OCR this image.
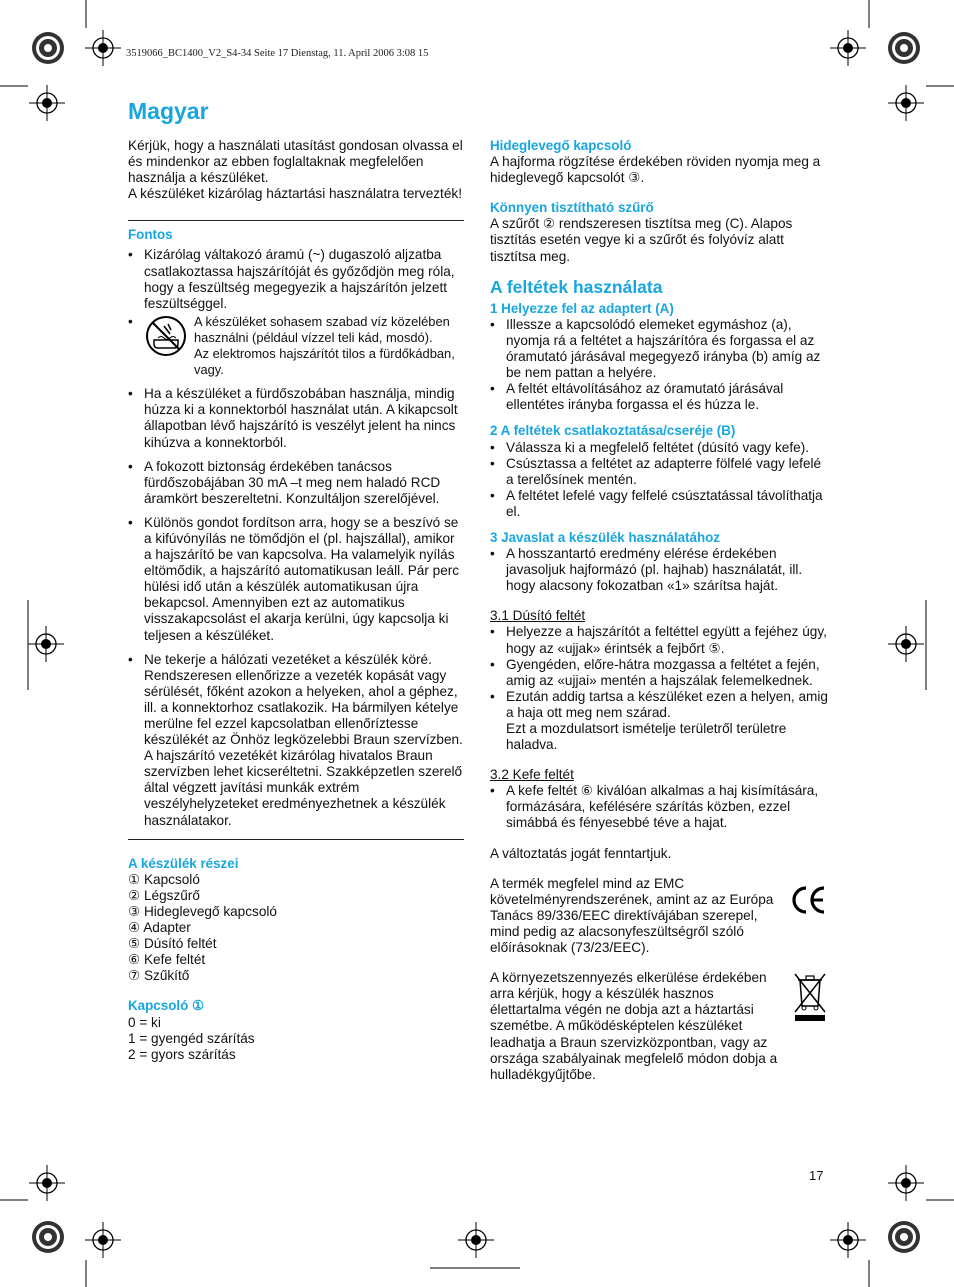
3519066_BC1400_V2_S4-34 Seite 17 Dienstag, 11. April 2006 3:08 15
Magyar

Kérjük, hogy a használati utasítást gondosan olvassa el és mindenkor az ebben foglaltaknak megfelelően használja a készüléket.

A készüléket kizárólag háztartási használatra tervezték!

Fontos

• Kizárólag váltakozó áramú (~) dugaszoló aljzatba csatlakoztassa hajszárítóját és győződjön meg róla, hogy a feszültség megegyezik a hajszárítón jelzett feszültséggel.
•	A készüléket sohasem szabad víz közelében használni (például vízzel teli kád, mosdó).

Az elektromos hajszárítót tilos a fürdőkádban, vagy.

• Ha a készüléket a fürdőszobában használja, mindig húzza ki a konnektorból használat után. A kikapcsolt állapotban lévő hajszárító is veszélyt jelent ha nincs kihúzva a konnektorból.
• A fokozott biztonság érdekében tanácsos fürdőszobájában 30 mA –t meg nem haladó RCD áramkört beszereltetni. Konzultáljon szerelőjével.
• Különös gondot fordítson arra, hogy se a beszívó se a kifúvónyílás ne tömődjön el (pl. hajszállal), amikor a hajszárító be van kapcsolva. Ha valamelyik nyílás eltömődik, a hajszárító automatikusan leáll. Pár perc hülési idő után a készülék automatikusan újra bekapcsol. Amennyiben ezt az automatikus visszakapcsolást el akarja kerülni, úgy kapcsolja ki teljesen a készüléket.
• Ne tekerje a hálózati vezetéket a készülék köré. Rendszeresen ellenőrizze a vezeték kopását vagy sérülését, főként azokon a helyeken, ahol a géphez, ill. a konnektorhoz csatlakozik. Ha bármilyen kételye merülne fel ezzel kapcsolatban ellenőríztesse készülékét az Önhöz legközelebbi Braun szervízben.
A hajszárító vezetékét kizárólag hivatalos Braun szervízben lehet kicseréltetni. Szakképzetlen szerelő által végzett javítási munkák extrém veszélyhelyzeteket eredményezhetnek a készülék használatakor.

A készülék részei

① Kapcsoló

② Légszűrő

③ Hideglevegő kapcsoló

④ Adapter

⑤ Dúsító feltét

⑥ Kefe feltét

⑦ Szűkítő

Kapcsoló ①

0 = ki

1 = gyengéd szárítás

2 = gyors szárítás

Hideglevegő kapcsoló

A hajforma rögzítése érdekében röviden nyomja meg a hideglevegő kapcsolót ③.

Könnyen tisztítható szűrő

A szűrőt ② rendszeresen tisztítsa meg (C). Alapos tisztítás esetén vegye ki a szűrőt és folyóvíz alatt tisztítsa meg.

A feltétek használata

1 Helyezze fel az adaptert (A)

• Illessze a kapcsolódó elemeket egymáshoz (a), nyomja rá a feltétet a hajszárítóra és forgassa el az óramutató járásával megegyező irányba (b) amíg az be nem pattan a helyére.
• A feltét eltávolításához az óramutató járásával ellentétes irányba forgassa el és húzza le.

2 A feltétek csatlakoztatása/cseréje (B)

• Válassza ki a megfelelő feltétet (dúsító vagy kefe).
• Csúsztassa a feltétet az adapterre fölfelé vagy lefelé a terelősínek mentén.
• A feltétet lefelé vagy felfelé csúsztatással távolíthatja el.

3 Javaslat a készülék használatához

• A hosszantartó eredmény elérése érdekében javasoljuk hajformázó (pl. hajhab) használatát, ill. hogy alacsony fokozatban «1» szárítsa haját.

3.1 Dúsító feltét

• Helyezze a hajszárítót a feltéttel együtt a fejéhez úgy, hogy az «ujjak» érintsék a fejbőrt ⑤.
• Gyengéden, előre-hátra mozgassa a feltétet a fején, amig az «ujjai» mentén a hajszálak felemelkednek.
• Ezután addig tartsa a készüléket ezen a helyen, amig a haja ott meg nem szárad.
Ezt a mozdulatsort ismételje területről területre haladva.

3.2 Kefe feltét

• A kefe feltét ⑥ kiválóan alkalmas a haj kisímítására, formázására, kefélésére szárítás közben, ezzel simábbá és fényesebbé téve a hajat.

A változtatás jogát fenntartjuk.

A termék megfelel mind az EMC követelményrendszerének, amint az az Európa Tanács 89/336/EEC direktívájában szerepel, mind pedig az alacsonyfeszültségről szóló előírásoknak (73/23/EEC).

A környezetszennyezés elkerülése érdekében arra kérjük, hogy a készülék hasznos élettartalma végén ne dobja azt a háztartási szemétbe. A működésképtelen készüléket leadhatja a Braun szervizközpontban, vagy az országa szabályainak megfelelő módon dobja a hulladékgyűjtőbe.

17
